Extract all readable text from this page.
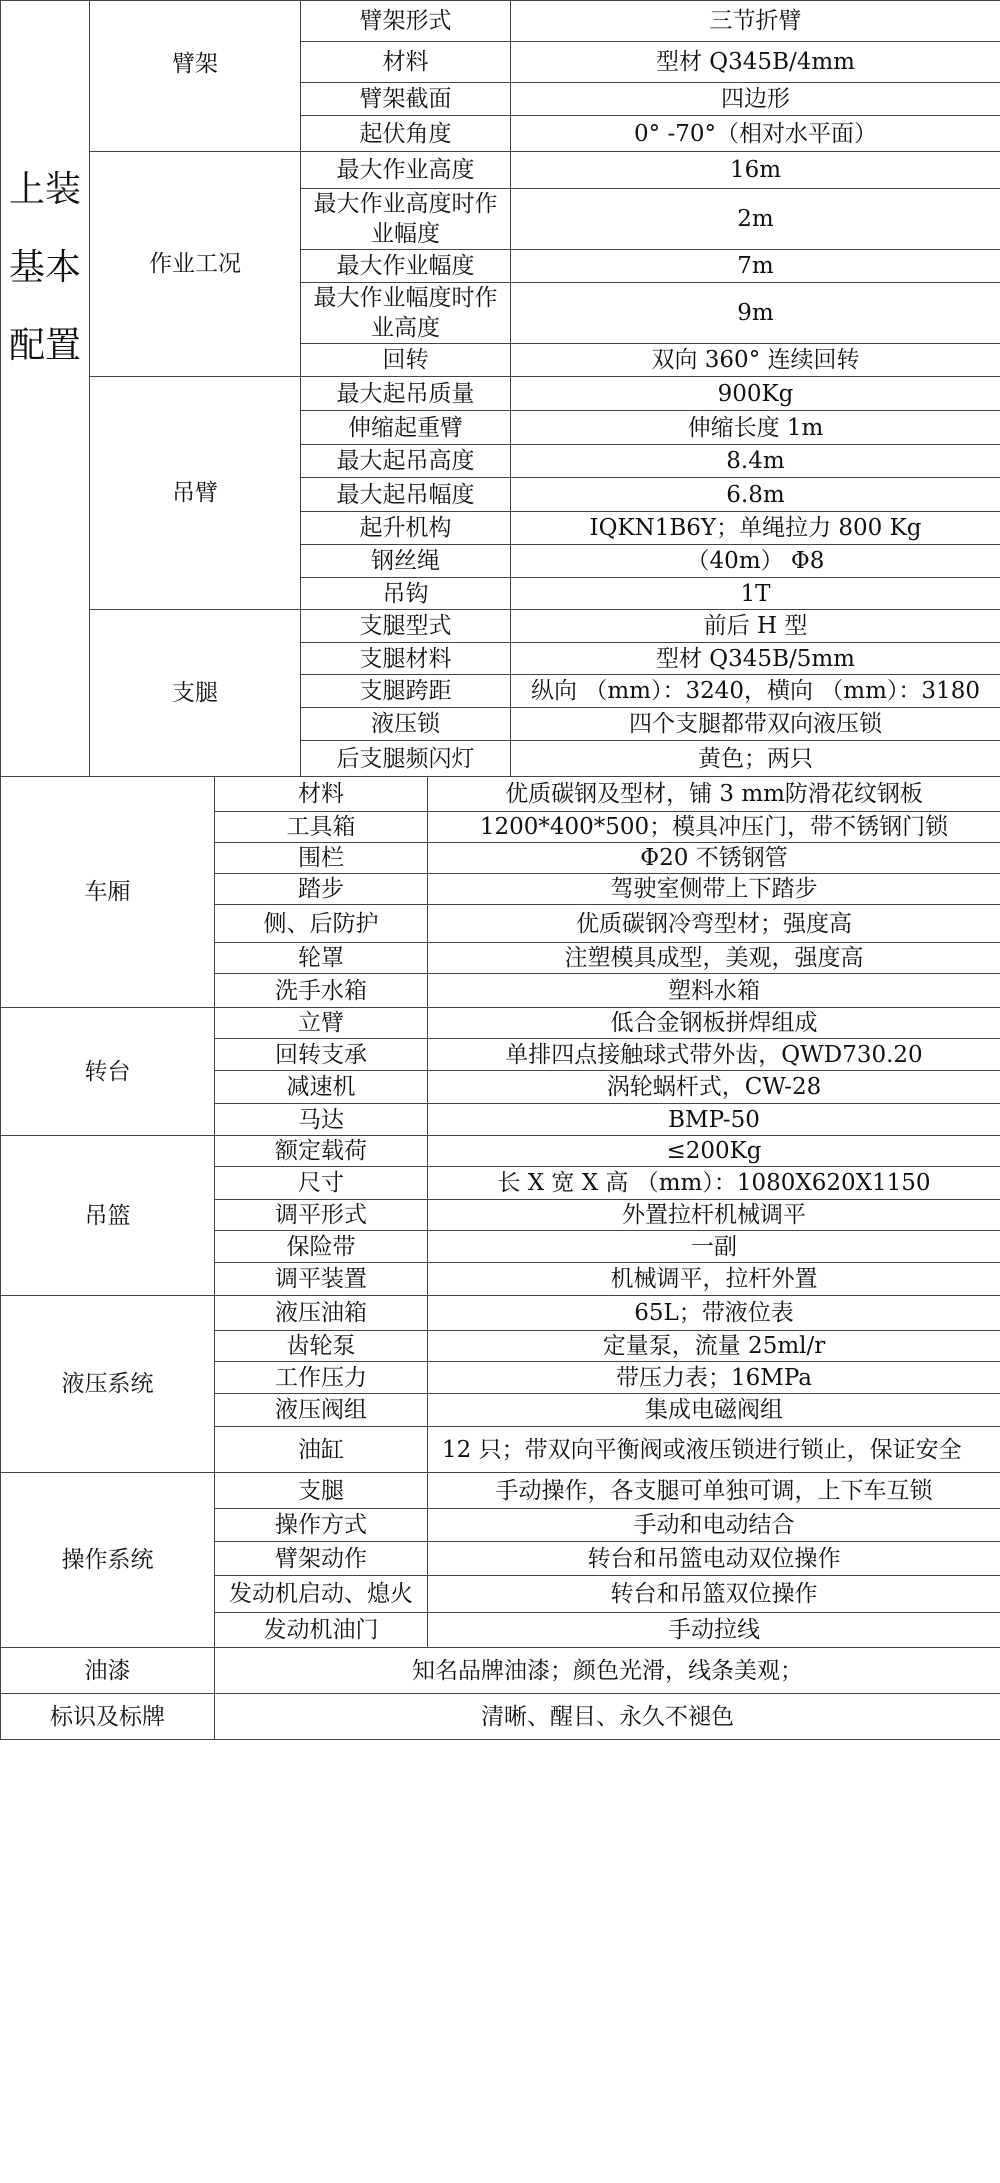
上装基本配置	臂架	臂架形式	三节折臂
		材料	型材 Q345B/4mm
		臂架截面	四边形
		起伏角度	0° -70°（相对水平面）
	作业工况	最大作业高度	16m
		最大作业高度时作业幅度	2m
		最大作业幅度	7m
		最大作业幅度时作业高度	9m
		回转	双向 360° 连续回转
	吊臂	最大起吊质量	900Kg
		伸缩起重臂	伸缩长度 1m
		最大起吊高度	8.4m
		最大起吊幅度	6.8m
		起升机构	IQKN1B6Y；单绳拉力 800 Kg
		钢丝绳	（40m） Φ8
		吊钩	1T
	支腿	支腿型式	前后 H 型
		支腿材料	型材 Q345B/5mm
		支腿跨距	纵向 （mm）：3240，横向 （mm）：3180
		液压锁	四个支腿都带双向液压锁
		后支腿频闪灯	黄色；两只
车厢	材料	优质碳钢及型材，铺 3 mm防滑花纹钢板
	工具箱	1200*400*500；模具冲压门，带不锈钢门锁
	围栏	Φ20 不锈钢管
	踏步	驾驶室侧带上下踏步
	侧、后防护	优质碳钢冷弯型材；强度高
	轮罩	注塑模具成型，美观，强度高
	洗手水箱	塑料水箱
转台	立臂	低合金钢板拼焊组成
	回转支承	单排四点接触球式带外齿，QWD730.20
	减速机	涡轮蜗杆式，CW-28
	马达	BMP-50
吊篮	额定载荷	≤200Kg
	尺寸	长 X 宽 X 高 （mm）：1080X620X1150
	调平形式	外置拉杆机械调平
	保险带	一副
	调平装置	机械调平，拉杆外置
液压系统	液压油箱	65L；带液位表
	齿轮泵	定量泵，流量 25ml/r
	工作压力	带压力表；16MPa
	液压阀组	集成电磁阀组
	油缸	12 只；带双向平衡阀或液压锁进行锁止，保证安全
操作系统	支腿	手动操作，各支腿可单独可调，上下车互锁
	操作方式	手动和电动结合
	臂架动作	转台和吊篮电动双位操作
	发动机启动、熄火	转台和吊篮双位操作
	发动机油门	手动拉线
油漆	知名品牌油漆；颜色光滑，线条美观；	
标识及标牌	清晰、醒目、永久不褪色	
